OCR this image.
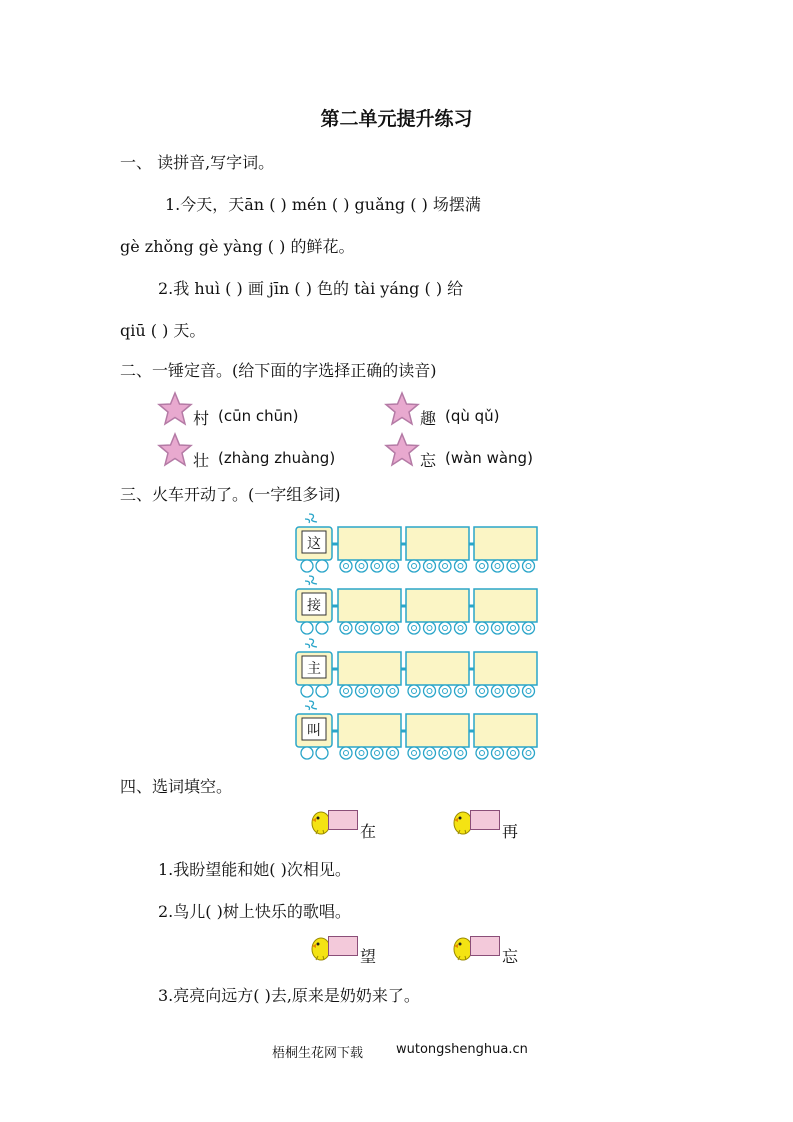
第二单元提升练习
一、 读拼音,写字词。
1.今天，天ān ( ) mén ( ) guǎng ( ) 场摆满
gè zhǒng gè yàng ( ) 的鲜花。
2.我 huì ( ) 画 jīn ( ) 色的 tài yáng ( ) 给
qiū ( ) 天。
二、一锤定音。(给下面的字选择正确的读音)
村 (cūn chūn)	趣 (qù qǔ)
壮 (zhàng zhuàng)	忘 (wàn wàng)
三、火车开动了。(一字组多词)
这
接
主
叫
四、选词填空。
在	再
1.我盼望能和她( )次相见。
2.鸟儿( )树上快乐的歌唱。
望	忘
3.亮亮向远方( )去,原来是奶奶来了。
梧桐生花网下载	wutongshenghua.cn
